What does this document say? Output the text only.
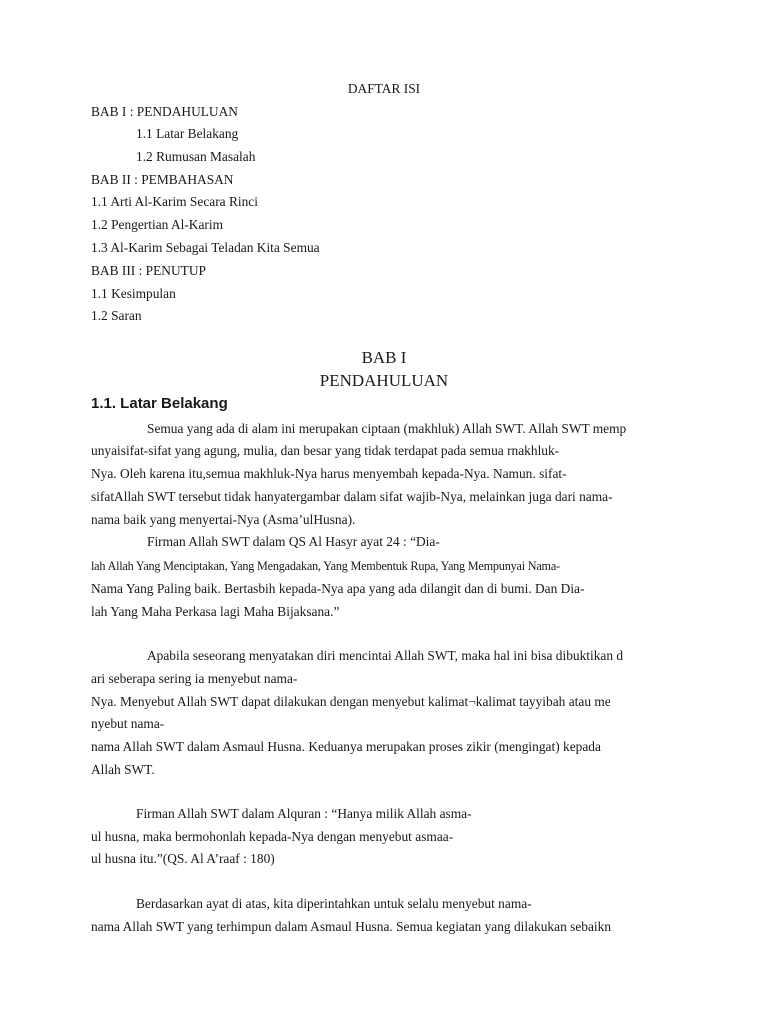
DAFTAR ISI
BAB I : PENDAHULUAN
1.1 Latar Belakang
1.2 Rumusan Masalah
BAB II : PEMBAHASAN
1.1 Arti Al-Karim Secara Rinci
1.2 Pengertian Al-Karim
1.3 Al-Karim Sebagai Teladan Kita Semua
BAB III : PENUTUP
1.1 Kesimpulan
1.2 Saran
BAB I
PENDAHULUAN
1.1. Latar Belakang
Semua yang ada di alam ini merupakan ciptaan (makhluk) Allah SWT. Allah SWT memp
unyaisifat-sifat yang agung, mulia, dan besar yang tidak terdapat pada semua rnakhluk-
Nya. Oleh karena itu,semua makhluk-Nya harus menyembah kepada-Nya. Namun. sifat-
sifatAllah SWT tersebut tidak hanyatergambar dalam sifat wajib-Nya, melainkan juga dari nama-
nama baik yang menyertai-Nya (Asma’ulHusna).
Firman Allah SWT dalam QS Al Hasyr ayat 24 : “Dia-
lah Allah Yang Menciptakan, Yang Mengadakan, Yang Membentuk Rupa, Yang Mempunyai Nama-
Nama Yang Paling baik. Bertasbih kepada-Nya apa yang ada dilangit dan di bumi. Dan Dia-
lah Yang Maha Perkasa lagi Maha Bijaksana.”
Apabila seseorang menyatakan diri mencintai Allah SWT, maka hal ini bisa dibuktikan d
ari seberapa sering ia menyebut nama-
Nya. Menyebut Allah SWT dapat dilakukan dengan menyebut kalimat¬kalimat tayyibah atau me
nyebut nama-
nama Allah SWT dalam Asmaul Husna. Keduanya merupakan proses zikir (mengingat) kepada
Allah SWT.
Firman Allah SWT dalam Alquran : “Hanya milik Allah asma-
ul husna, maka bermohonlah kepada-Nya dengan menyebut asmaa-
ul husna itu.”(QS. Al A’raaf : 180)
Berdasarkan ayat di atas, kita diperintahkan untuk selalu menyebut nama-
nama Allah SWT yang terhimpun dalam Asmaul Husna. Semua kegiatan yang dilakukan sebaikn
